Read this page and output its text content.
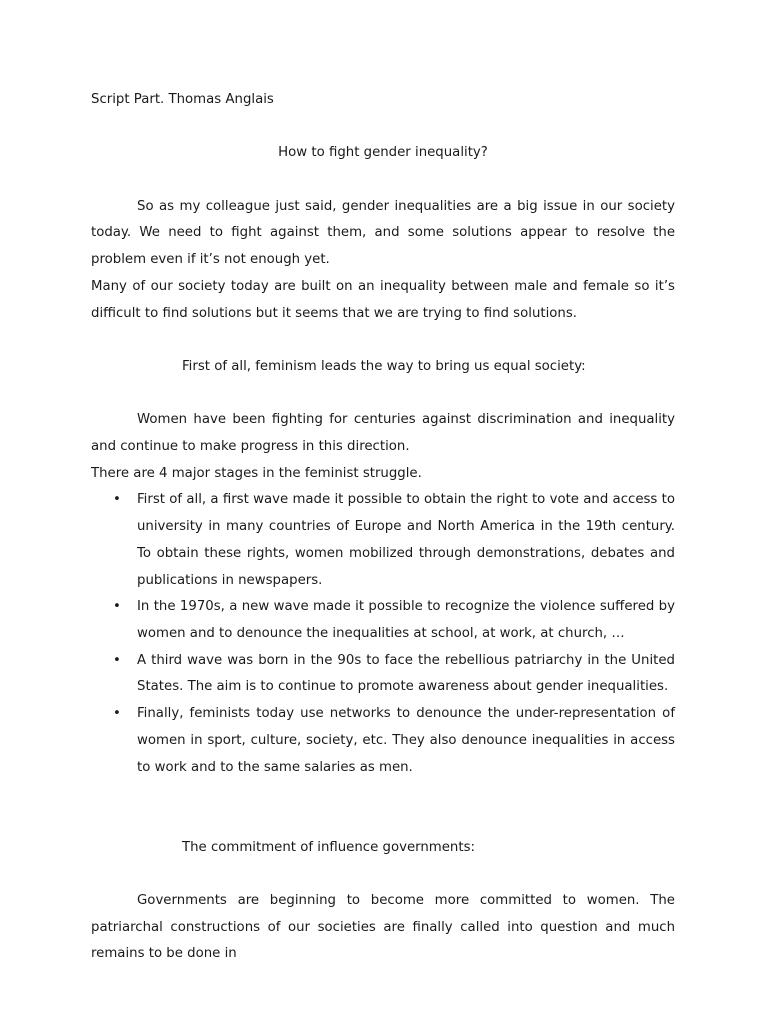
Script Part. Thomas Anglais

How to fight gender inequality?

So as my colleague just said, gender inequalities are a big issue in our society today. We need to fight against them, and some solutions appear to resolve the problem even if it’s not enough yet.

Many of our society today are built on an inequality between male and female so it’s difficult to find solutions but it seems that we are trying to find solutions.

First of all, feminism leads the way to bring us equal society:

Women have been fighting for centuries against discrimination and inequality and continue to make progress in this direction.

There are 4 major stages in the feminist struggle.

• First of all, a first wave made it possible to obtain the right to vote and access to university in many countries of Europe and North America in the 19th century. To obtain these rights, women mobilized through demonstrations, debates and publications in newspapers.
• In the 1970s, a new wave made it possible to recognize the violence suffered by women and to denounce the inequalities at school, at work, at church, …
• A third wave was born in the 90s to face the rebellious patriarchy in the United States. The aim is to continue to promote awareness about gender inequalities.
• Finally, feminists today use networks to denounce the under-representation of women in sport, culture, society, etc. They also denounce inequalities in access to work and to the same salaries as men.

The commitment of influence governments:

Governments are beginning to become more committed to women. The patriarchal constructions of our societies are finally called into question and much remains to be done in
